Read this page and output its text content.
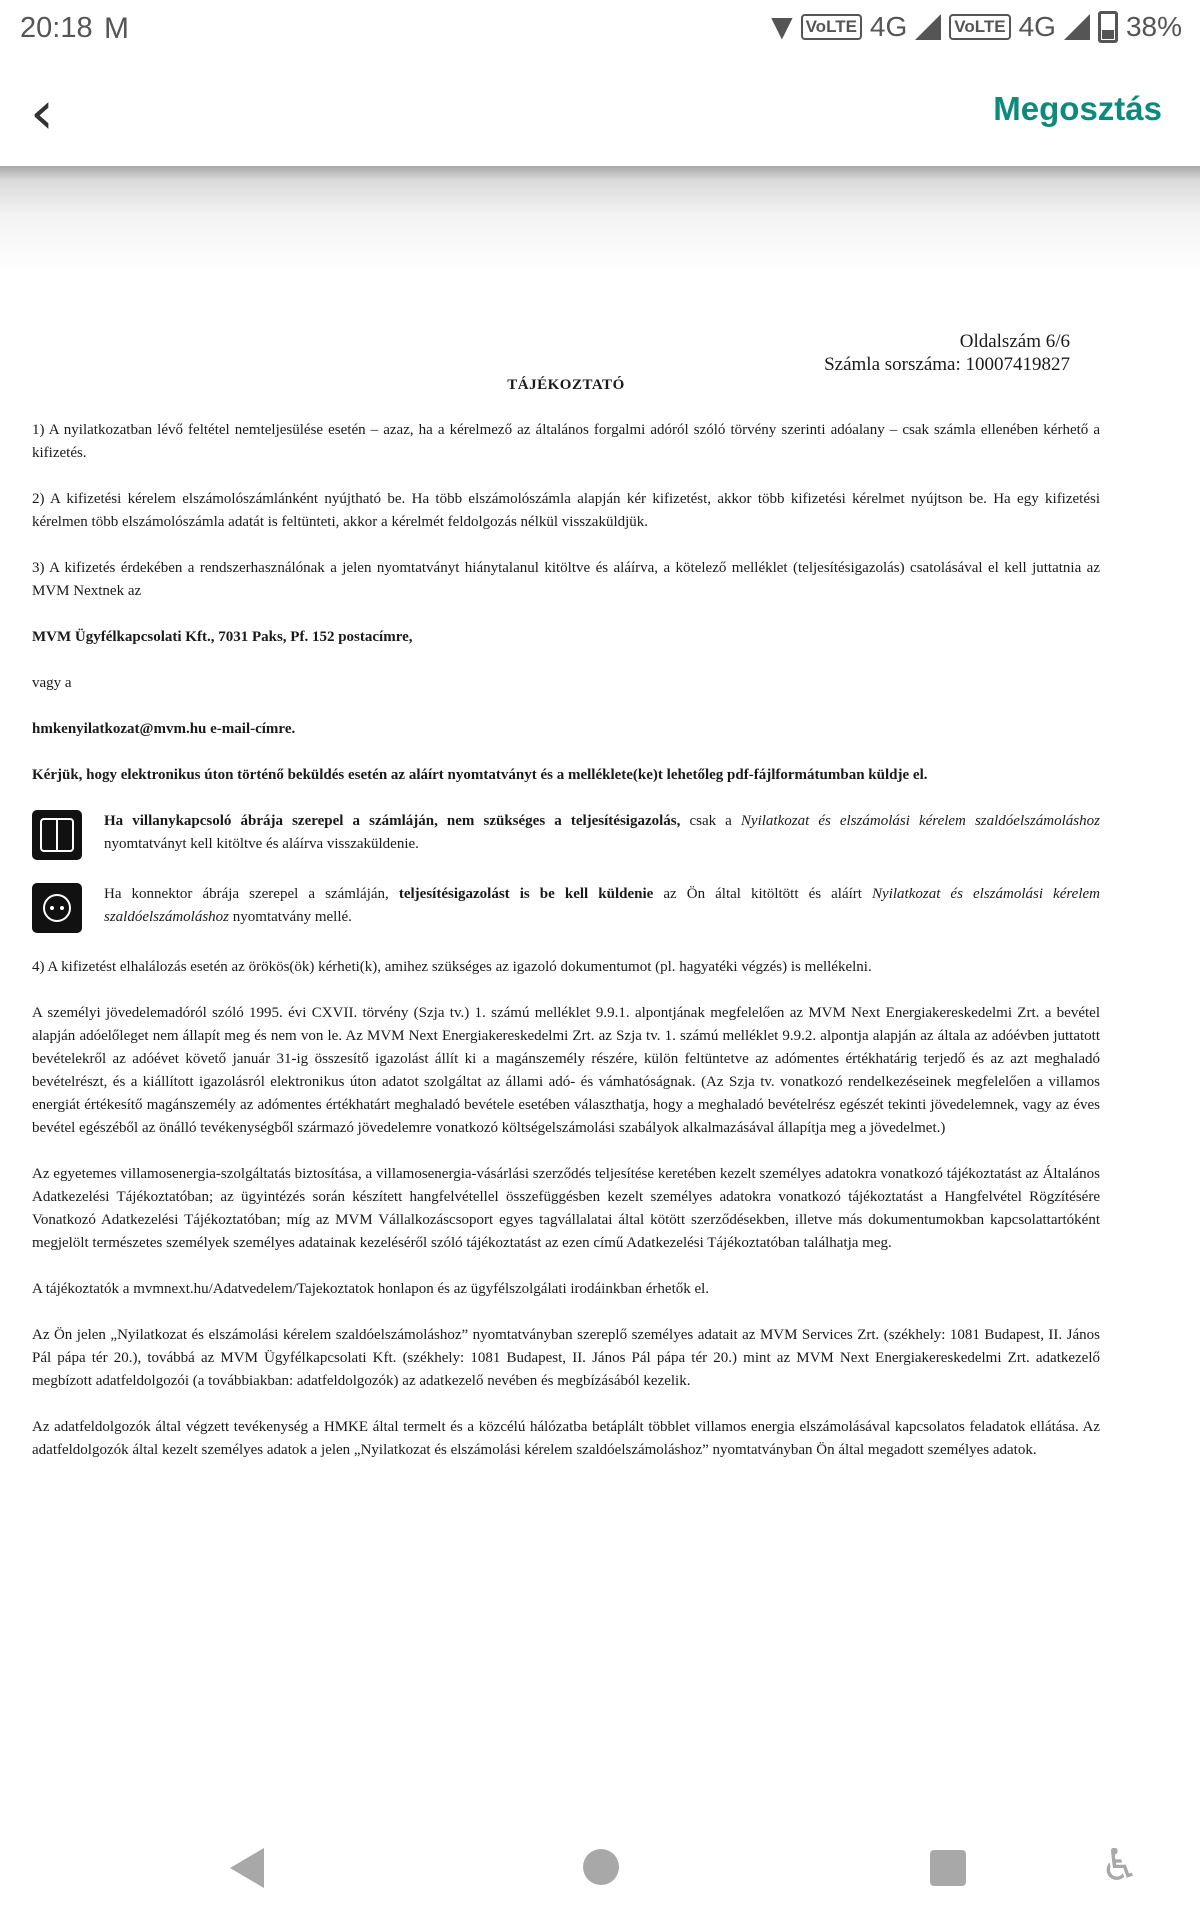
20:18 M	▼ VoLTE 4G	VoLTE 4G	38%
‹	Megosztás
Oldalszám 6/6
Számla sorszáma: 10007419827
TÁJÉKOZTATÓ

1) A nyilatkozatban lévő feltétel nemteljesülése esetén – azaz, ha a kérelmező az általános forgalmi adóról szóló törvény szerinti adóalany – csak számla ellenében kérhető a kifizetés.

2) A kifizetési kérelem elszámolószámlánként nyújtható be. Ha több elszámolószámla alapján kér kifizetést, akkor több kifizetési kérelmet nyújtson be. Ha egy kifizetési kérelmen több elszámolószámla adatát is feltünteti, akkor a kérelmét feldolgozás nélkül visszaküldjük.

3) A kifizetés érdekében a rendszerhasználónak a jelen nyomtatványt hiánytalanul kitöltve és aláírva, a kötelező melléklet (teljesítésigazolás) csatolásával el kell juttatnia az MVM Nextnek az

MVM Ügyfélkapcsolati Kft., 7031 Paks, Pf. 152 postacímre,

vagy a

hmkenyilatkozat@mvm.hu e-mail-címre.

Kérjük, hogy elektronikus úton történő beküldés esetén az aláírt nyomtatványt és a melléklete(ke)t lehetőleg pdf-fájlformátumban küldje el.

Ha villanykapcsoló ábrája szerepel a számláján, nem szükséges a teljesítésigazolás, csak a Nyilatkozat és elszámolási kérelem szaldóelszámoláshoz nyomtatványt kell kitöltve és aláírva visszaküldenie.
Ha konnektor ábrája szerepel a számláján, teljesítésigazolást is be kell küldenie az Ön által kitöltött és aláírt Nyilatkozat és elszámolási kérelem szaldóelszámoláshoz nyomtatvány mellé.

4) A kifizetést elhalálozás esetén az örökös(ök) kérheti(k), amihez szükséges az igazoló dokumentumot (pl. hagyatéki végzés) is mellékelni.

A személyi jövedelemadóról szóló 1995. évi CXVII. törvény (Szja tv.) 1. számú melléklet 9.9.1. alpontjának megfelelően az MVM Next Energiakereskedelmi Zrt. a bevétel alapján adóelőleget nem állapít meg és nem von le. Az MVM Next Energiakereskedelmi Zrt. az Szja tv. 1. számú melléklet 9.9.2. alpontja alapján az általa az adóévben juttatott bevételekről az adóévet követő január 31-ig összesítő igazolást állít ki a magánszemély részére, külön feltüntetve az adómentes értékhatárig terjedő és az azt meghaladó bevételrészt, és a kiállított igazolásról elektronikus úton adatot szolgáltat az állami adó- és vámhatóságnak. (Az Szja tv. vonatkozó rendelkezéseinek megfelelően a villamos energiát értékesítő magánszemély az adómentes értékhatárt meghaladó bevétele esetében választhatja, hogy a meghaladó bevételrész egészét tekinti jövedelemnek, vagy az éves bevétel egészéből az önálló tevékenységből származó jövedelemre vonatkozó költségelszámolási szabályok alkalmazásával állapítja meg a jövedelmet.)

Az egyetemes villamosenergia-szolgáltatás biztosítása, a villamosenergia-vásárlási szerződés teljesítése keretében kezelt személyes adatokra vonatkozó tájékoztatást az Általános Adatkezelési Tájékoztatóban; az ügyintézés során készített hangfelvétellel összefüggésben kezelt személyes adatokra vonatkozó tájékoztatást a Hangfelvétel Rögzítésére Vonatkozó Adatkezelési Tájékoztatóban; míg az MVM Vállalkozáscsoport egyes tagvállalatai által kötött szerződésekben, illetve más dokumentumokban kapcsolattartóként megjelölt természetes személyek személyes adatainak kezeléséről szóló tájékoztatást az ezen című Adatkezelési Tájékoztatóban találhatja meg.

A tájékoztatók a mvmnext.hu/Adatvedelem/Tajekoztatok honlapon és az ügyfélszolgálati irodáinkban érhetők el.

Az Ön jelen „Nyilatkozat és elszámolási kérelem szaldóelszámoláshoz” nyomtatványban szereplő személyes adatait az MVM Services Zrt. (székhely: 1081 Budapest, II. János Pál pápa tér 20.), továbbá az MVM Ügyfélkapcsolati Kft. (székhely: 1081 Budapest, II. János Pál pápa tér 20.) mint az MVM Next Energiakereskedelmi Zrt. adatkezelő megbízott adatfeldolgozói (a továbbiakban: adatfeldolgozók) az adatkezelő nevében és megbízásából kezelik.

Az adatfeldolgozók által végzett tevékenység a HMKE által termelt és a közcélú hálózatba betáplált többlet villamos energia elszámolásával kapcsolatos feladatok ellátása. Az adatfeldolgozók által kezelt személyes adatok a jelen „Nyilatkozat és elszámolási kérelem szaldóelszámoláshoz” nyomtatványban Ön által megadott személyes adatok.

♿
